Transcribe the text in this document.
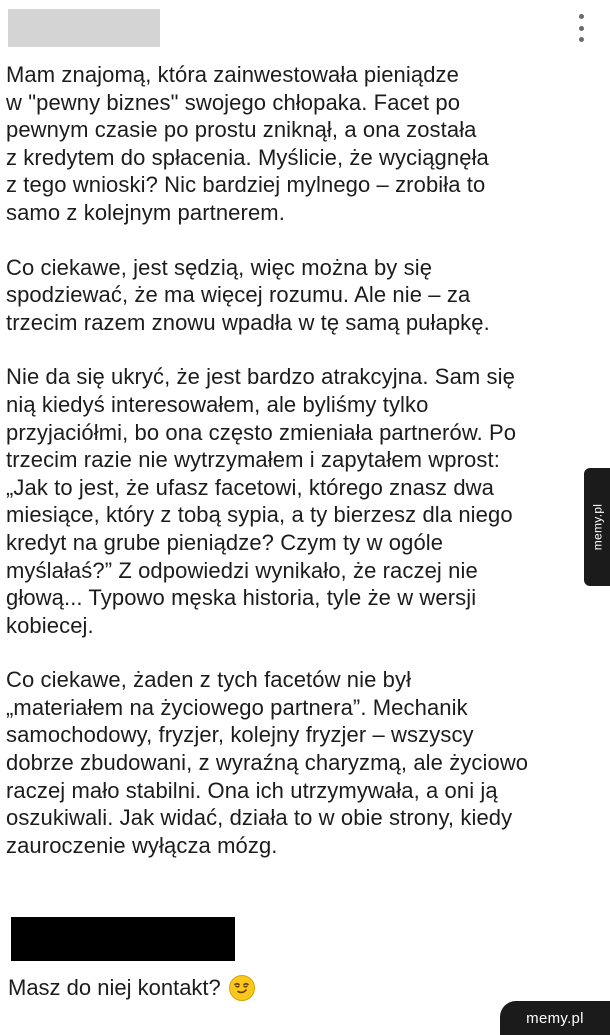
Mam znajomą, która zainwestowała pieniądze
w "pewny biznes" swojego chłopaka. Facet po
pewnym czasie po prostu zniknął, a ona została
z kredytem do spłacenia. Myślicie, że wyciągnęła
z tego wnioski? Nic bardziej mylnego – zrobiła to
samo z kolejnym partnerem.

Co ciekawe, jest sędzią, więc można by się
spodziewać, że ma więcej rozumu. Ale nie – za
trzecim razem znowu wpadła w tę samą pułapkę.

Nie da się ukryć, że jest bardzo atrakcyjna. Sam się
nią kiedyś interesowałem, ale byliśmy tylko
przyjaciółmi, bo ona często zmieniała partnerów. Po
trzecim razie nie wytrzymałem i zapytałem wprost:
„Jak to jest, że ufasz facetowi, którego znasz dwa
miesiące, który z tobą sypia, a ty bierzesz dla niego
kredyt na grube pieniądze? Czym ty w ogóle
myślałaś?” Z odpowiedzi wynikało, że raczej nie
głową... Typowo męska historia, tyle że w wersji
kobiecej.

Co ciekawe, żaden z tych facetów nie był
„materiałem na życiowego partnera”. Mechanik
samochodowy, fryzjer, kolejny fryzjer – wszyscy
dobrze zbudowani, z wyraźną charyzmą, ale życiowo
raczej mało stabilni. Ona ich utrzymywała, a oni ją
oszukiwali. Jak widać, działa to w obie strony, kiedy
zauroczenie wyłącza mózg.

memy.pl
Masz do niej kontakt?
memy.pl
